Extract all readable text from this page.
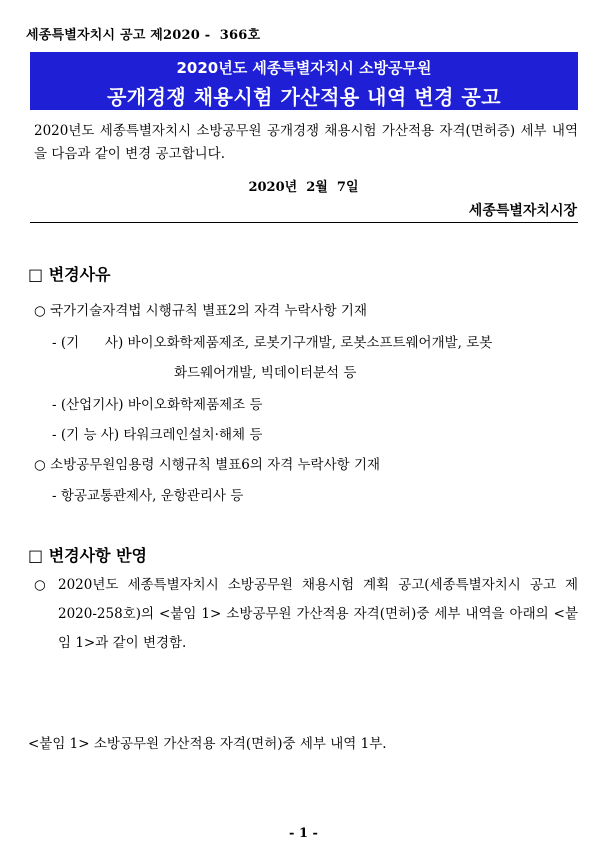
세종특별자치시 공고 제2020 -  366호
2020년도 세종특별자치시 소방공무원
공개경쟁 채용시험 가산적용 내역 변경 공고
2020년도 세종특별자치시 소방공무원 공개경쟁 채용시험 가산적용 자격(면허증) 세부 내역을 다음과 같이 변경 공고합니다.
2020년  2월  7일
세종특별자치시장
□ 변경사유
○ 국가기술자격법 시행규칙 별표2의 자격 누락사항 기재
- (기      사) 바이오화학제품제조, 로봇기구개발, 로봇소프트웨어개발, 로봇
화드웨어개발, 빅데이터분석 등
- (산업기사) 바이오화학제품제조 등
- (기 능 사) 타워크레인설치·해체 등
○ 소방공무원임용령 시행규칙 별표6의 자격 누락사항 기재
- 항공교통관제사, 운항관리사 등
□ 변경사항 반영
○ 2020년도 세종특별자치시 소방공무원 채용시험 계획 공고(세종특별자치시 공고 제2020-258호)의 <붙임 1> 소방공무원 가산적용 자격(면허)중 세부 내역을 아래의 <붙임 1>과 같이 변경함.
<붙임 1> 소방공무원 가산적용 자격(면허)중 세부 내역 1부.
- 1 -
